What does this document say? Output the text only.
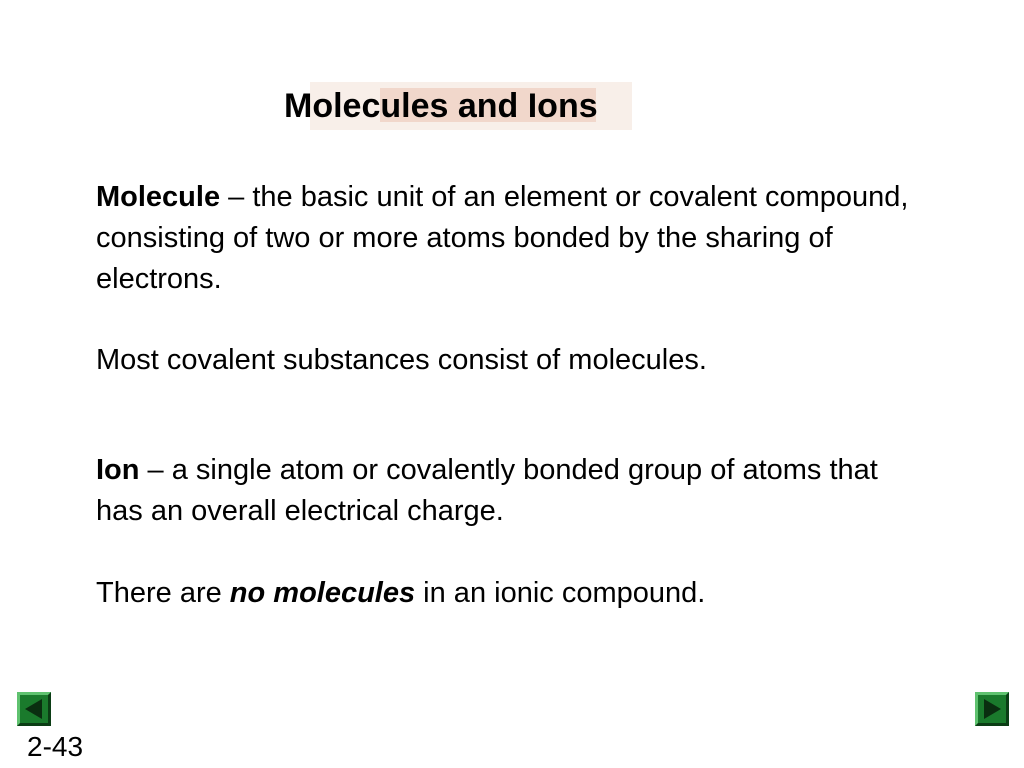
Molecules and Ions
Molecule – the basic unit of an element or covalent compound, consisting of two or more atoms bonded by the sharing of electrons.
Most covalent substances consist of molecules.
Ion – a single atom or covalently bonded group of atoms that has an overall electrical charge.
There are no molecules in an ionic compound.
2-43
